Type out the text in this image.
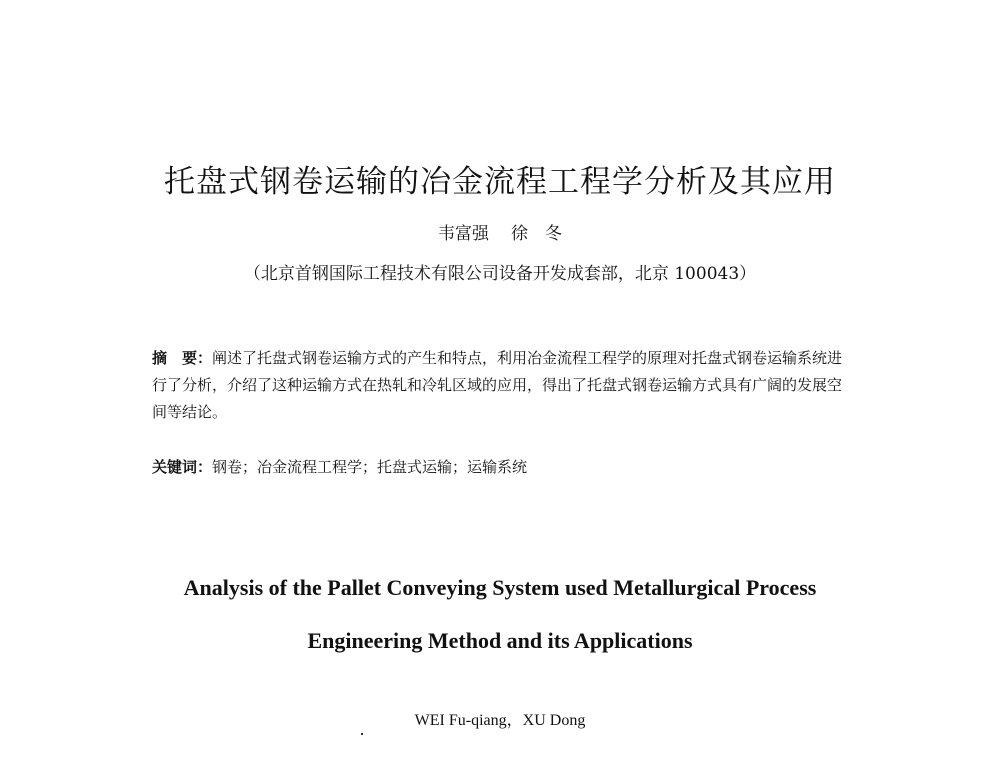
托盘式钢卷运输的冶金流程工程学分析及其应用
韦富强 徐　冬
（北京首钢国际工程技术有限公司设备开发成套部，北京 100043）
摘　要：阐述了托盘式钢卷运输方式的产生和特点，利用冶金流程工程学的原理对托盘式钢卷运输系统进行了分析，介绍了这种运输方式在热轧和冷轧区域的应用，得出了托盘式钢卷运输方式具有广阔的发展空间等结论。
关键词：钢卷；冶金流程工程学；托盘式运输；运输系统
Analysis of the Pallet Conveying System used Metallurgical Process
Engineering Method and its Applications
WEI Fu-qiang，XU Dong
